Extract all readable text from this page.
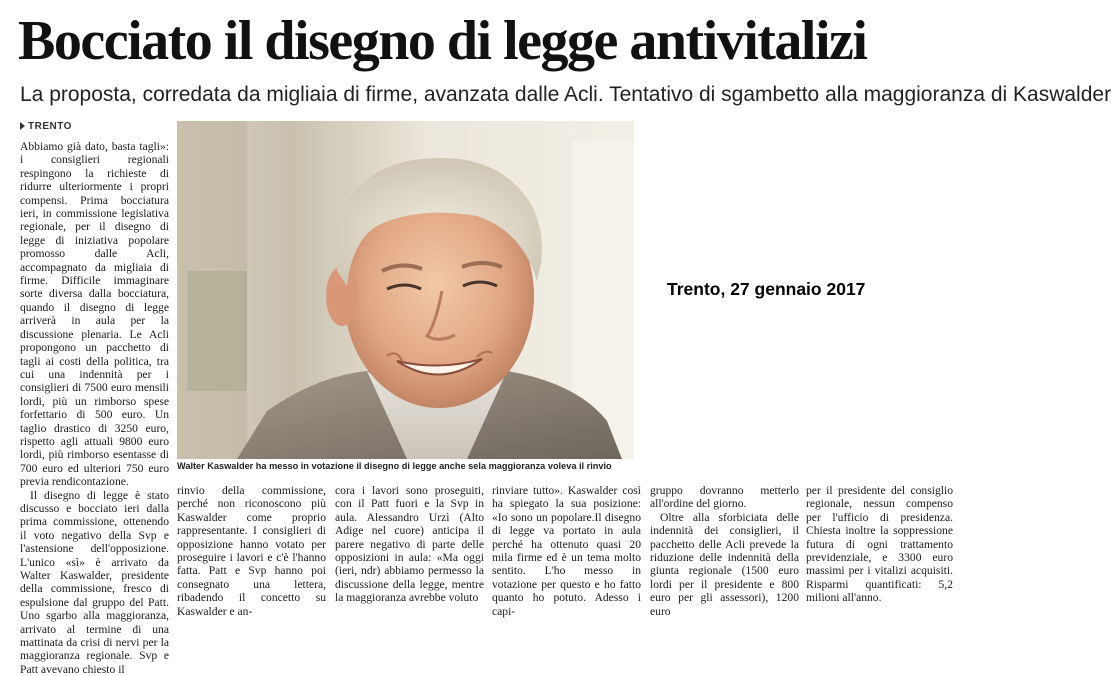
Bocciato il disegno di legge antivitalizi
La proposta, corredata da migliaia di firme, avanzata dalle Acli. Tentativo di sgambetto alla maggioranza di Kaswalder
TRENTO

Abbiamo già dato, basta tagli»: i consiglieri regionali respingono la richieste di ridurre ulteriormente i propri compensi. Prima bocciatura ieri, in commissione legislativa regionale, per il disegno di legge di iniziativa popolare promosso dalle Acli, accompagnato da migliaia di firme. Difficile immaginare sorte diversa dalla bocciatura, quando il disegno di legge arriverà in aula per la discussione plenaria. Le Acli propongono un pacchetto di tagli ai costi della politica, tra cui una indennità per i consiglieri di 7500 euro mensili lordi, più un rimborso spese forfettario di 500 euro. Un taglio drastico di 3250 euro, rispetto agli attuali 9800 euro lordi, più rimborso esentasse di 700 euro ed ulteriori 750 euro previa rendicontazione.

Il disegno di legge è stato discusso e bocciato ieri dalla prima commissione, ottenendo il voto negativo della Svp e l'astensione dell'opposizione. L'unico «sì» è arrivato da Walter Kaswalder, presidente della commissione, fresco di espulsione dal gruppo del Patt. Uno sgarbo alla maggioranza, arrivato al termine di una mattinata da crisi di nervi per la maggioranza regionale. Svp e Patt avevano chiesto il

Walter Kaswalder ha messo in votazione il disegno di legge anche sela maggioranza voleva il rinvio
Trento, 27 gennaio 2017

rinvio della commissione, perché non riconoscono più Kaswalder come proprio rappresentante. I consiglieri di opposizione hanno votato per proseguire i lavori e c'è l'hanno fatta. Patt e Svp hanno poi consegnato una lettera, ribadendo il concetto su Kaswalder e an-

cora i lavori sono proseguiti, con il Patt fuori e la Svp in aula. Alessandro Urzì (Alto Adige nel cuore) anticipa il parere negativo di parte delle opposizioni in aula: «Ma oggi (ieri, ndr) abbiamo permesso la discussione della legge, mentre la maggioranza avrebbe voluto

rinviare tutto». Kaswalder così ha spiegato la sua posizione: «Io sono un popolare.Il disegno di legge va portato in aula perché ha ottenuto quasi 20 mila firme ed è un tema molto sentito. L'ho messo in votazione per questo e ho fatto quanto ho potuto. Adesso i capi-

gruppo dovranno metterlo all'ordine del giorno.

Oltre alla sforbiciata delle indennità dei consiglieri, il pacchetto delle Acli prevede la riduzione delle indennità della giunta regionale (1500 euro lordi per il presidente e 800 euro per gli assessori), 1200 euro

per il presidente del consiglio regionale, nessun compenso per l'ufficio di presidenza. Chiesta inoltre la soppressione futura di ogni trattamento previdenziale, e 3300 euro massimi per i vitalizi acquisiti. Risparmi quantificati: 5,2 milioni all'anno.
